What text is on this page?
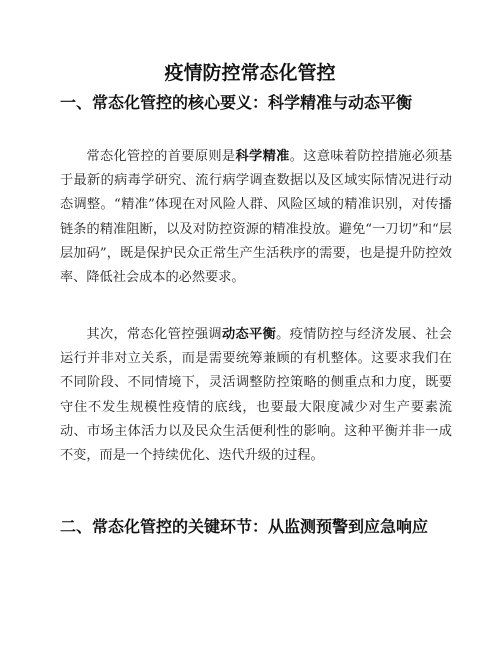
疫情防控常态化管控
一、常态化管控的核心要义：科学精准与动态平衡

常态化管控的首要原则是科学精准。这意味着防控措施必须基于最新的病毒学研究、流行病学调查数据以及区域实际情况进行动态调整。“精准”体现在对风险人群、风险区域的精准识别，对传播链条的精准阻断，以及对防控资源的精准投放。避免“一刀切”和“层层加码”，既是保护民众正常生产生活秩序的需要，也是提升防控效率、降低社会成本的必然要求。

其次，常态化管控强调动态平衡。疫情防控与经济发展、社会运行并非对立关系，而是需要统筹兼顾的有机整体。这要求我们在不同阶段、不同情境下，灵活调整防控策略的侧重点和力度，既要守住不发生规模性疫情的底线，也要最大限度减少对生产要素流动、市场主体活力以及民众生活便利性的影响。这种平衡并非一成不变，而是一个持续优化、迭代升级的过程。

二、常态化管控的关键环节：从监测预警到应急响应
